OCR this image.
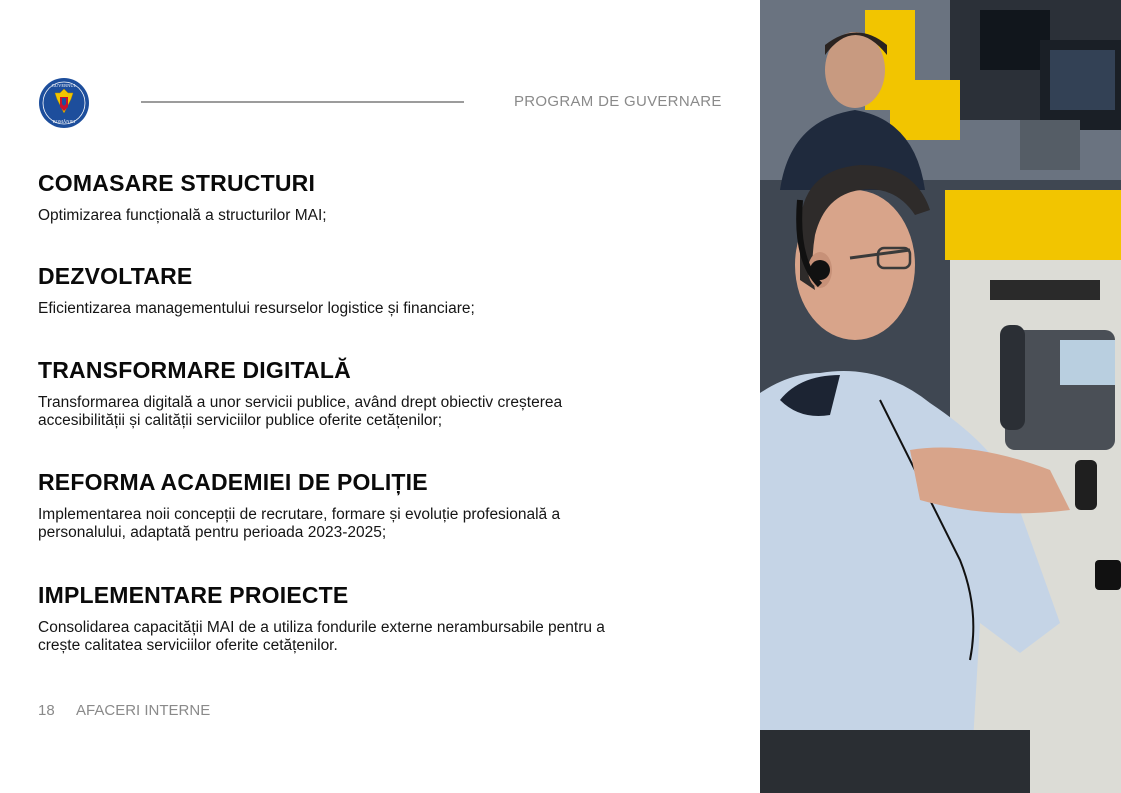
GUVERNUL
ROMÂNIEI
PROGRAM DE GUVERNARE
COMASARE STRUCTURI

Optimizarea funcțională a structurilor MAI;

DEZVOLTARE

Eficientizarea managementului resurselor logistice și financiare;

TRANSFORMARE DIGITALĂ

Transformarea digitală a unor servicii publice, având drept obiectiv creșterea accesibilității și calității serviciilor publice oferite cetățenilor;

REFORMA ACADEMIEI DE POLIȚIE

Implementarea noii concepții de recrutare, formare și evoluție profesională a personalului, adaptată pentru perioada 2023-2025;

IMPLEMENTARE PROIECTE

Consolidarea capacității MAI de a utiliza fondurile externe nerambursabile pentru a crește calitatea serviciilor oferite cetățenilor.

18 AFACERI INTERNE
